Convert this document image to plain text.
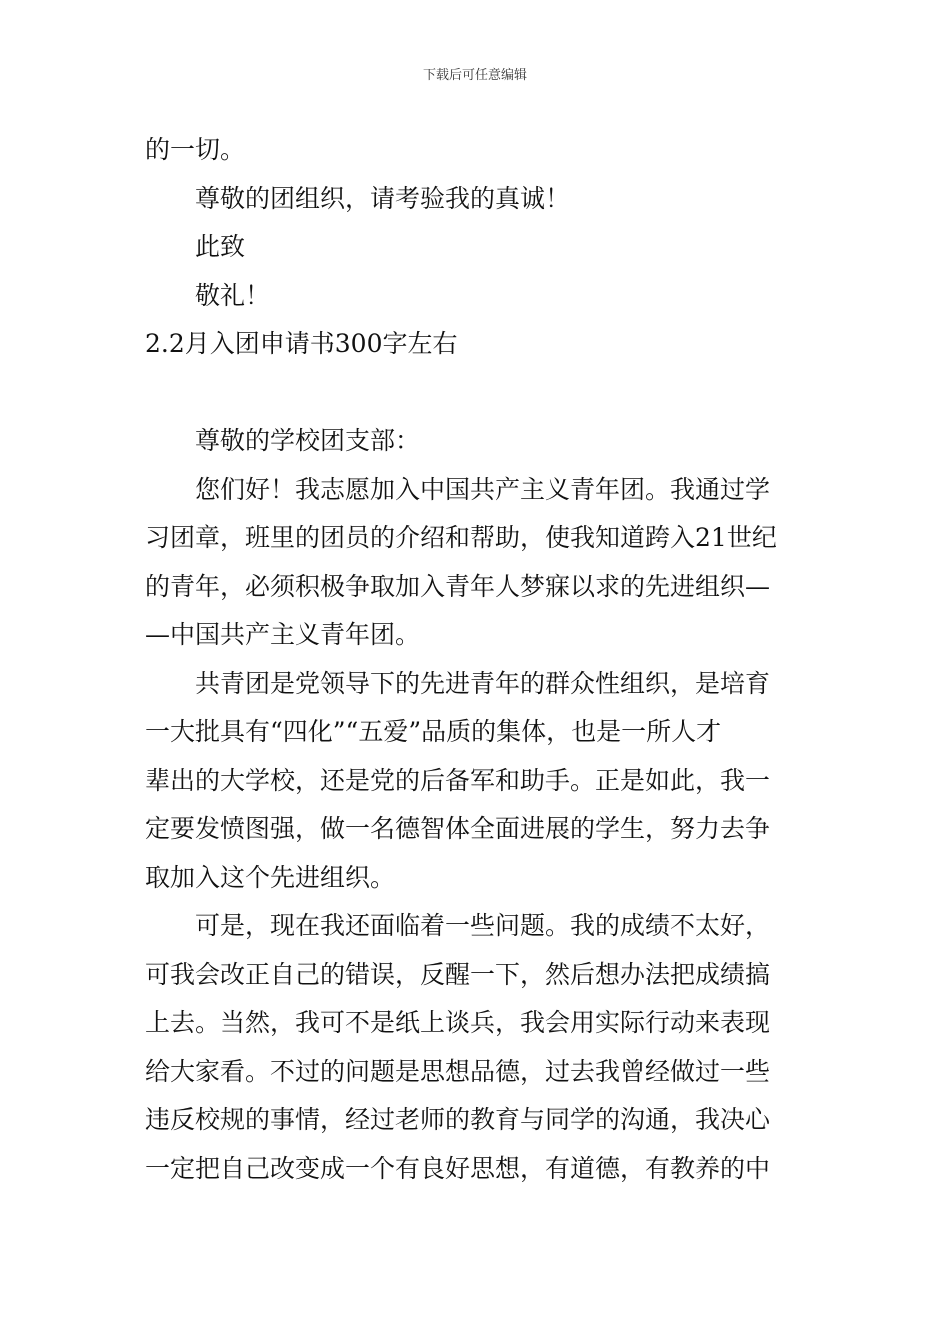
下载后可任意编辑
的一切。
尊敬的团组织，请考验我的真诚！
此致
敬礼！
2.2月入团申请书300字左右
尊敬的学校团支部：
您们好！我志愿加入中国共产主义青年团。我通过学
习团章，班里的团员的介绍和帮助，使我知道跨入21世纪
的青年，必须积极争取加入青年人梦寐以求的先进组织—
—中国共产主义青年团。
共青团是党领导下的先进青年的群众性组织，是培育
一大批具有“四化”“五爱”品质的集体，也是一所人才
辈出的大学校，还是党的后备军和助手。正是如此，我一
定要发愤图强，做一名德智体全面进展的学生，努力去争
取加入这个先进组织。
可是，现在我还面临着一些问题。我的成绩不太好，
可我会改正自己的错误，反醒一下，然后想办法把成绩搞
上去。当然，我可不是纸上谈兵，我会用实际行动来表现
给大家看。不过的问题是思想品德，过去我曾经做过一些
违反校规的事情，经过老师的教育与同学的沟通，我决心
一定把自己改变成一个有良好思想，有道德，有教养的中
